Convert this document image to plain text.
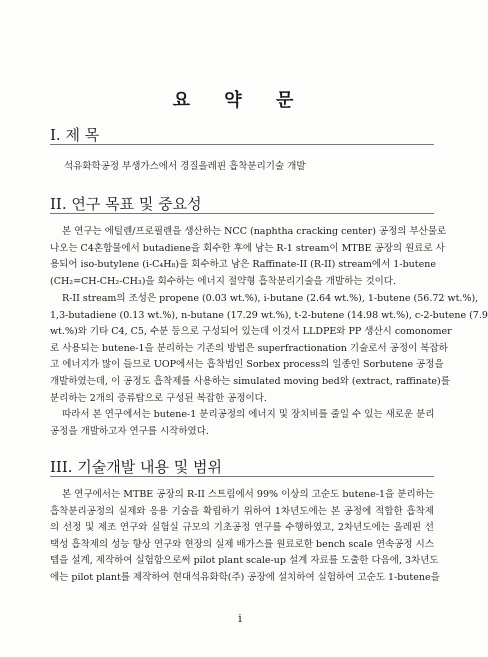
요 약 문
I. 제 목
석유화학공정 부생가스에서 경질올레핀 흡착분리기술 개발
II. 연구 목표 및 중요성
본 연구는 에틸렌/프로필렌을 생산하는 NCC (naphtha cracking center) 공정의 부산물로
나오는 C4혼합물에서 butadiene을 회수한 후에 남는 R-1 stream이 MTBE 공장의 원료로 사
용되어 iso-butylene (i-C₄H₈)을 회수하고 남은 Raffinate-II (R-II) stream에서 1-butene
(CH₂=CH-CH₂-CH₃)을 회수하는 에너지 절약형 흡착분리기술을 개발하는 것이다.
R-II stream의 조성은 propene (0.03 wt.%), i-butane (2.64 wt.%), 1-butene (56.72 wt.%),
1,3-butadiene (0.13 wt.%), n-butane (17.29 wt.%), t-2-butene (14.98 wt.%), c-2-butene (7.9
wt.%)와 기타 C4, C5, 수분 등으로 구성되어 있는데 이것서 LLDPE와 PP 생산시 comonomer
로 사용되는 butene-1을 분리하는 기존의 방법은 superfractionation 기술로서 공정이 복잡하
고 에너지가 많이 들므로 UOP에서는 흡착법인 Sorbex process의 일종인 Sorbutene 공정을
개발하였는데, 이 공정도 흡착제를 사용하는 simulated moving bed와 (extract, raffinate)를
분리하는 2개의 증류탑으로 구성된 복잡한 공정이다.
따라서 본 연구에서는 butene-1 분리공정의 에너지 및 장치비를 줄일 수 있는 새로운 분리
공정을 개발하고자 연구를 시작하였다.
III. 기술개발 내용 및 범위
본 연구에서는 MTBE 공장의 R-II 스트림에서 99% 이상의 고순도 butene-1을 분리하는
흡착분리공정의 실제와 응용 기술을 확립하기 위하여 1차년도에는 본 공정에 적합한 흡착제
의 선정 및 제조 연구와 실험실 규모의 기초공정 연구를 수행하였고, 2차년도에는 올레핀 선
택성 흡착제의 성능 향상 연구와 현장의 실제 배가스를 원료로한 bench scale 연속공정 시스
템을 설계, 제작하여 실험함으로써 pilot plant scale-up 설계 자료를 도출한 다음에, 3차년도
에는 pilot plant를 제작하여 현대석유화학(주) 공장에 설치하여 실험하여 고순도 1-butene을
i
